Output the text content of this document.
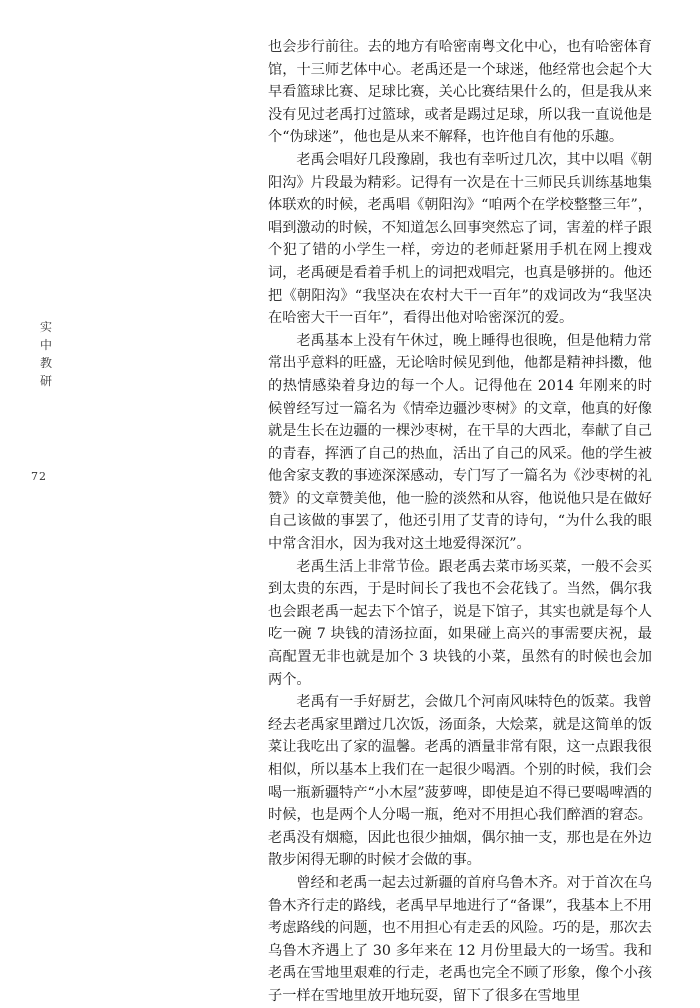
实
中
教
研
72

也会步行前往。去的地方有哈密南粤文化中心，也有哈密体育馆，十三师艺体中心。老禹还是一个球迷，他经常也会起个大早看篮球比赛、足球比赛，关心比赛结果什么的，但是我从来没有见过老禹打过篮球，或者是踢过足球，所以我一直说他是个“伪球迷”，他也是从来不解释，也许他自有他的乐趣。

老禹会唱好几段豫剧，我也有幸听过几次，其中以唱《朝阳沟》片段最为精彩。记得有一次是在十三师民兵训练基地集体联欢的时候，老禹唱《朝阳沟》“咱两个在学校整整三年”，唱到激动的时候，不知道怎么回事突然忘了词，害羞的样子跟个犯了错的小学生一样，旁边的老师赶紧用手机在网上搜戏词，老禹硬是看着手机上的词把戏唱完，也真是够拼的。他还把《朝阳沟》“我坚决在农村大干一百年”的戏词改为“我坚决在哈密大干一百年”，看得出他对哈密深沉的爱。

老禹基本上没有午休过，晚上睡得也很晚，但是他精力常常出乎意料的旺盛，无论啥时候见到他，他都是精神抖擞，他的热情感染着身边的每一个人。记得他在 2014 年刚来的时候曾经写过一篇名为《情牵边疆沙枣树》的文章，他真的好像就是生长在边疆的一棵沙枣树，在干旱的大西北，奉献了自己的青春，挥洒了自己的热血，活出了自己的风采。他的学生被他舍家支教的事迹深深感动，专门写了一篇名为《沙枣树的礼赞》的文章赞美他，他一脸的淡然和从容，他说他只是在做好自己该做的事罢了，他还引用了艾青的诗句，“为什么我的眼中常含泪水，因为我对这土地爱得深沉”。

老禹生活上非常节俭。跟老禹去菜市场买菜，一般不会买到太贵的东西，于是时间长了我也不会花钱了。当然，偶尔我也会跟老禹一起去下个馆子，说是下馆子，其实也就是每个人吃一碗 7 块钱的清汤拉面，如果碰上高兴的事需要庆祝，最高配置无非也就是加个 3 块钱的小菜，虽然有的时候也会加两个。

老禹有一手好厨艺，会做几个河南风味特色的饭菜。我曾经去老禹家里蹭过几次饭，汤面条，大烩菜，就是这简单的饭菜让我吃出了家的温馨。老禹的酒量非常有限，这一点跟我很相似，所以基本上我们在一起很少喝酒。个别的时候，我们会喝一瓶新疆特产“小木屋”菠萝啤，即使是迫不得已要喝啤酒的时候，也是两个人分喝一瓶，绝对不用担心我们醉酒的窘态。老禹没有烟瘾，因此也很少抽烟，偶尔抽一支，那也是在外边散步闲得无聊的时候才会做的事。

曾经和老禹一起去过新疆的首府乌鲁木齐。对于首次在乌鲁木齐行走的路线，老禹早早地进行了“备课”，我基本上不用考虑路线的问题，也不用担心有走丢的风险。巧的是，那次去乌鲁木齐遇上了 30 多年来在 12 月份里最大的一场雪。我和老禹在雪地里艰难的行走，老禹也完全不顾了形象，像个小孩子一样在雪地里放开地玩耍，留下了很多在雪地里
